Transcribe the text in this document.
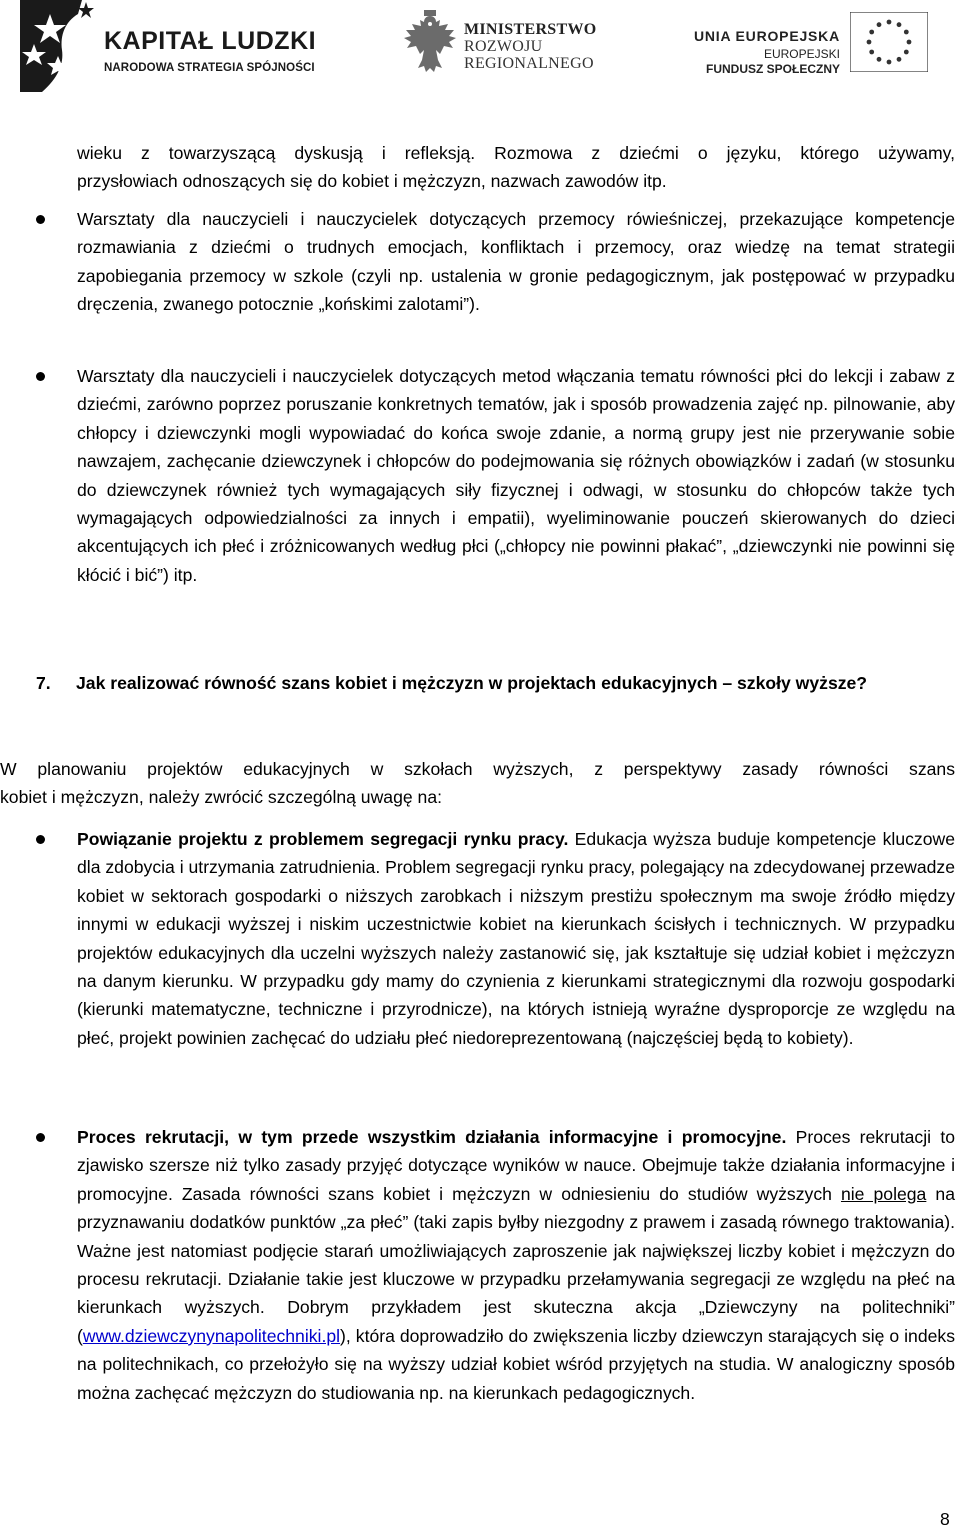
KAPITAŁ LUDZKI
NARODOWA STRATEGIA SPÓJNOŚCI
MINISTERSTWO
ROZWOJU
REGIONALNEGO
UNIA EUROPEJSKA
EUROPEJSKI
FUNDUSZ SPOŁECZNY
wieku z towarzyszącą dyskusją i refleksją. Rozmowa z dziećmi o języku, którego używamy,
przysłowiach odnoszących się do kobiet i mężczyzn, nazwach zawodów itp.
Warsztaty dla nauczycieli i nauczycielek dotyczących przemocy rówieśniczej, przekazujące kompetencje rozmawiania z dziećmi o trudnych emocjach, konfliktach i przemocy, oraz wiedzę na temat strategii zapobiegania przemocy w szkole (czyli np. ustalenia w gronie pedagogicznym, jak postępować w przypadku dręczenia, zwanego potocznie „końskimi zalotami”).
Warsztaty dla nauczycieli i nauczycielek dotyczących metod włączania tematu równości płci do lekcji i zabaw z dziećmi, zarówno poprzez poruszanie konkretnych tematów, jak i sposób prowadzenia zajęć np. pilnowanie, aby chłopcy i dziewczynki mogli wypowiadać do końca swoje zdanie, a normą grupy jest nie przerywanie sobie nawzajem, zachęcanie dziewczynek i chłopców do podejmowania się różnych obowiązków i zadań (w stosunku do dziewczynek również tych wymagających siły fizycznej i odwagi, w stosunku do chłopców także tych wymagających odpowiedzialności za innych i empatii), wyeliminowanie pouczeń skierowanych do dzieci akcentujących ich płeć i zróżnicowanych według płci („chłopcy nie powinni płakać”, „dziewczynki nie powinni się kłócić i bić”) itp.
7. Jak realizować równość szans kobiet i mężczyzn w projektach edukacyjnych – szkoły wyższe?
W planowaniu projektów edukacyjnych w szkołach wyższych, z perspektywy zasady równości szans
kobiet i mężczyzn, należy zwrócić szczególną uwagę na:
Powiązanie projektu z problemem segregacji rynku pracy. Edukacja wyższa buduje kompetencje kluczowe dla zdobycia i utrzymania zatrudnienia. Problem segregacji rynku pracy, polegający na zdecydowanej przewadze kobiet w sektorach gospodarki o niższych zarobkach i niższym prestiżu społecznym ma swoje źródło między innymi w edukacji wyższej i niskim uczestnictwie kobiet na kierunkach ścisłych i technicznych. W przypadku projektów edukacyjnych dla uczelni wyższych należy zastanowić się, jak kształtuje się udział kobiet i mężczyzn na danym kierunku. W przypadku gdy mamy do czynienia z kierunkami strategicznymi dla rozwoju gospodarki (kierunki matematyczne, techniczne i przyrodnicze), na których istnieją wyraźne dysproporcje ze względu na płeć, projekt powinien zachęcać do udziału płeć niedoreprezentowaną (najczęściej będą to kobiety).
Proces rekrutacji, w tym przede wszystkim działania informacyjne i promocyjne. Proces rekrutacji to zjawisko szersze niż tylko zasady przyjęć dotyczące wyników w nauce. Obejmuje także działania informacyjne i promocyjne. Zasada równości szans kobiet i mężczyzn w odniesieniu do studiów wyższych nie polega na przyznawaniu dodatków punktów „za płeć” (taki zapis byłby niezgodny z prawem i zasadą równego traktowania). Ważne jest natomiast podjęcie starań umożliwiających zaproszenie jak największej liczby kobiet i mężczyzn do procesu rekrutacji. Działanie takie jest kluczowe w przypadku przełamywania segregacji ze względu na płeć na kierunkach wyższych. Dobrym przykładem jest skuteczna akcja „Dziewczyny na politechniki” (www.dziewczynynapolitechniki.pl), która doprowadziło do zwiększenia liczby dziewczyn starających się o indeks na politechnikach, co przełożyło się na wyższy udział kobiet wśród przyjętych na studia. W analogiczny sposób można zachęcać mężczyzn do studiowania np. na kierunkach pedagogicznych.
8
